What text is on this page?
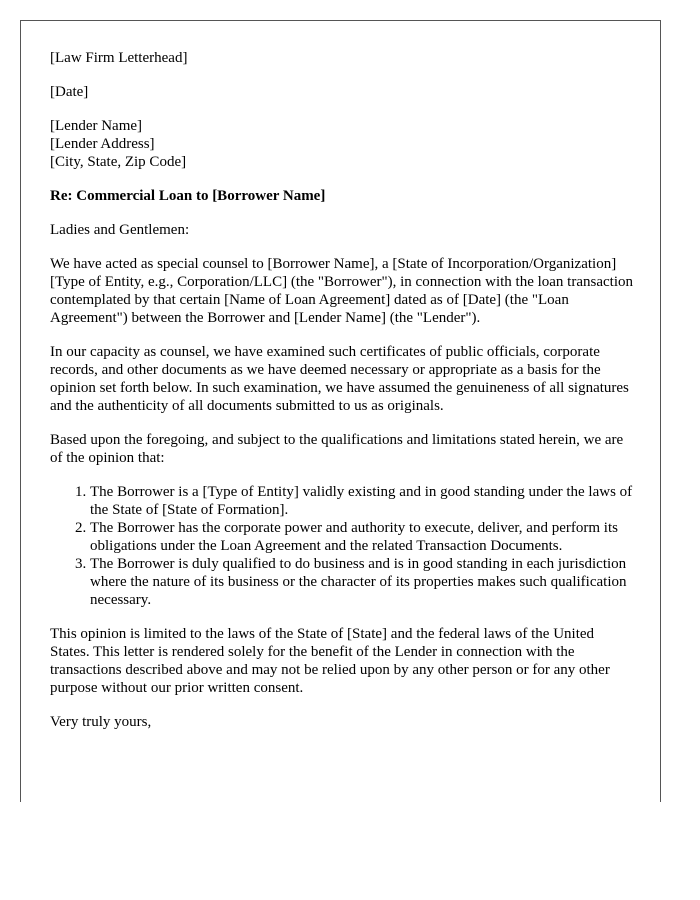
[Law Firm Letterhead]

[Date]

[Lender Name]
[Lender Address]
[City, State, Zip Code]

Re: Commercial Loan to [Borrower Name]

Ladies and Gentlemen:

We have acted as special counsel to [Borrower Name], a [State of Incorporation/Organization] [Type of Entity, e.g., Corporation/LLC] (the "Borrower"), in connection with the loan transaction contemplated by that certain [Name of Loan Agreement] dated as of [Date] (the "Loan Agreement") between the Borrower and [Lender Name] (the "Lender").

In our capacity as counsel, we have examined such certificates of public officials, corporate records, and other documents as we have deemed necessary or appropriate as a basis for the opinion set forth below. In such examination, we have assumed the genuineness of all signatures and the authenticity of all documents submitted to us as originals.

Based upon the foregoing, and subject to the qualifications and limitations stated herein, we are of the opinion that:

1. The Borrower is a [Type of Entity] validly existing and in good standing under the laws of the State of [State of Formation].
2. The Borrower has the corporate power and authority to execute, deliver, and perform its obligations under the Loan Agreement and the related Transaction Documents.
3. The Borrower is duly qualified to do business and is in good standing in each jurisdiction where the nature of its business or the character of its properties makes such qualification necessary.

This opinion is limited to the laws of the State of [State] and the federal laws of the United States. This letter is rendered solely for the benefit of the Lender in connection with the transactions described above and may not be relied upon by any other person or for any other purpose without our prior written consent.

Very truly yours,
